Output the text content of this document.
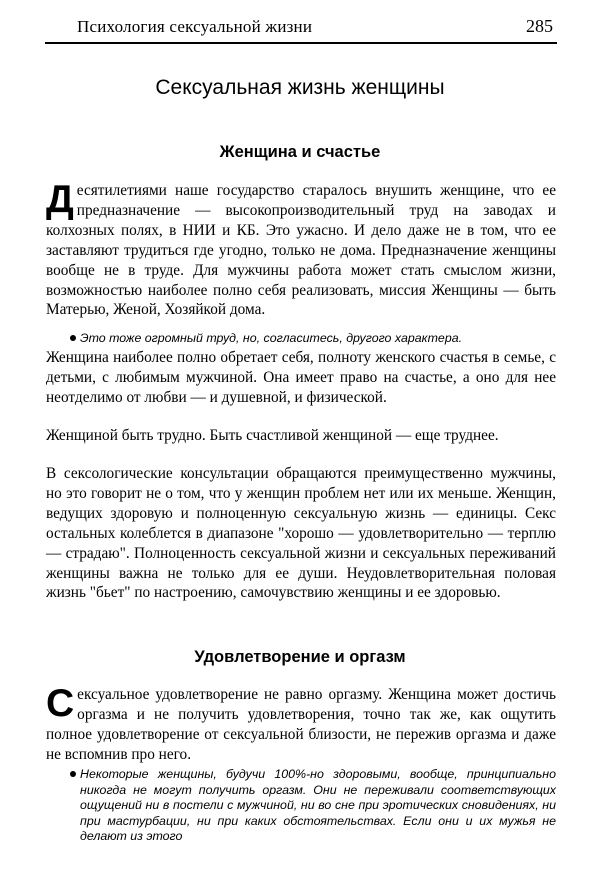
Психология сексуальной жизни	285
Сексуальная жизнь женщины
Женщина и счастье

Десятилетиями наше государство старалось внушить женщине, что ее предназначение — высокопроизводительный труд на заводах и колхозных полях, в НИИ и КБ. Это ужасно. И дело даже не в том, что ее заставляют трудиться где угодно, только не дома. Предназначение женщины вообще не в труде. Для мужчины работа может стать смыслом жизни, возможностью наиболее полно себя реализовать, миссия Женщины — быть Матерью, Женой, Хозяйкой дома.

Это тоже огромный труд, но, согласитесь, другого характера.

Женщина наиболее полно обретает себя, полноту женского счастья в семье, с детьми, с любимым мужчиной. Она имеет право на счастье, а оно для нее неотделимо от любви — и душевной, и физической.

Женщиной быть трудно. Быть счастливой женщиной — еще труднее.

В сексологические консультации обращаются преимущественно мужчины, но это говорит не о том, что у женщин проблем нет или их меньше. Женщин, ведущих здоровую и полноценную сексуальную жизнь — единицы. Секс остальных колеблется в диапазоне "хорошо — удовлетворительно — терплю — страдаю". Полноценность сексуальной жизни и сексуальных переживаний женщины важна не только для ее души. Неудовлетворительная половая жизнь "бьет" по настроению, самочувствию женщины и ее здоровью.

Удовлетворение и оргазм

Сексуальное удовлетворение не равно оргазму. Женщина может достичь оргазма и не получить удовлетворения, точно так же, как ощутить полное удовлетворение от сексуальной близости, не пережив оргазма и даже не вспомнив про него.

Некоторые женщины, будучи 100%-но здоровыми, вообще, принципиально никогда не могут получить оргазм. Они не переживали соответствующих ощущений ни в постели с мужчиной, ни во сне при эротических сновидениях, ни при мастурбации, ни при каких обстоятельствах. Если они и их мужья не делают из этого
